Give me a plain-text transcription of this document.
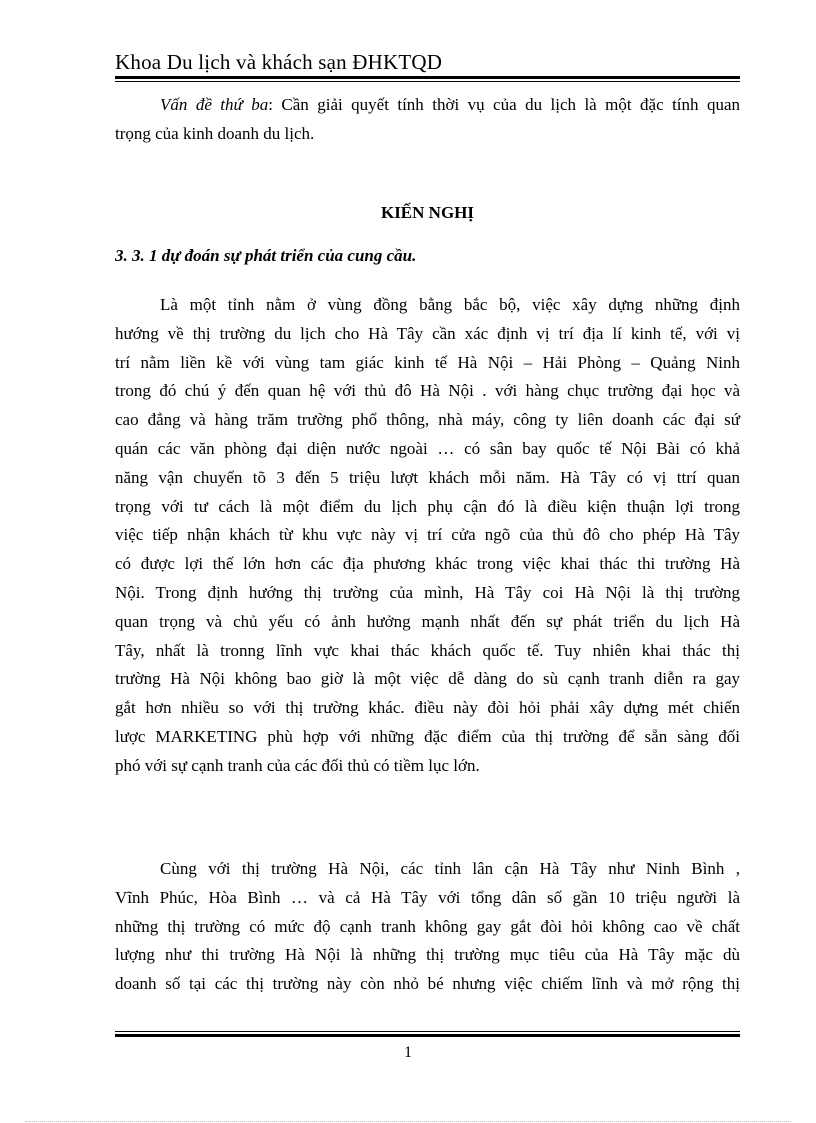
Khoa Du lịch và khách sạn ĐHKTQD
Vấn đề thứ ba: Cần giải quyết tính thời vụ của du lịch là một đặc tính quan
trọng của kinh doanh du lịch.
KIẾN NGHỊ
3. 3. 1 dự đoán sự phát triển của cung cầu.
Là một tỉnh nằm ở vùng đồng bằng bắc bộ, việc xây dựng những định
hướng về thị trường du lịch cho Hà Tây cần xác định vị trí địa lí kinh tế, với vị
trí nằm liền kề với vùng tam giác kinh tế Hà Nội – Hải Phòng – Quảng Ninh
trong đó chú ý đến quan hệ với thủ đô Hà Nội . với hàng chục trường đại học và
cao đẳng và hàng trăm trường phổ thông, nhà máy, công ty liên doanh các đại sứ
quán các văn phòng đại diện nước ngoài … có sân bay quốc tế Nội Bài có khả
năng vận chuyển tõ 3 đến 5 triệu lượt khách mỗi năm. Hà Tây có vị ttrí quan
trọng với tư cách là một điểm du lịch phụ cận đó là điều kiện thuận lợi trong
việc tiếp nhận khách từ khu vực này vị trí cửa ngõ của thủ đô cho phép Hà Tây
có được lợi thế lớn hơn các địa phương khác trong việc khai thác thi trường Hà
Nội. Trong định hướng thị trường của mình, Hà Tây coi Hà Nội là thị trường
quan trọng và chủ yếu có ảnh hưởng mạnh nhất đến sự phát triển du lịch Hà
Tây, nhất là tronng lĩnh vực khai thác khách quốc tế. Tuy nhiên khai thác thị
trường Hà Nội không bao giờ là một việc dễ dàng do sù cạnh tranh diễn ra gay
gắt hơn nhiều so với thị trường khác. điều này đòi hỏi phải xây dựng mét chiến
lược MARKETING phù hợp với những đặc điểm của thị trường để sẵn sàng đối
phó với sự cạnh tranh của các đối thủ có tiềm lục lớn.
Cùng với thị trường Hà Nội, các tỉnh lân cận Hà Tây như Ninh Bình ,
Vĩnh Phúc, Hòa Bình … và cả Hà Tây với tổng dân số gần 10 triệu người là
những thị trường có mức độ cạnh tranh không gay gắt đòi hỏi không cao về chất
lượng như thi trường Hà Nội là những thị trường mục tiêu của Hà Tây mặc dù
doanh số tại các thị trường này còn nhỏ bé nhưng việc chiếm lĩnh và mở rộng thị
1
